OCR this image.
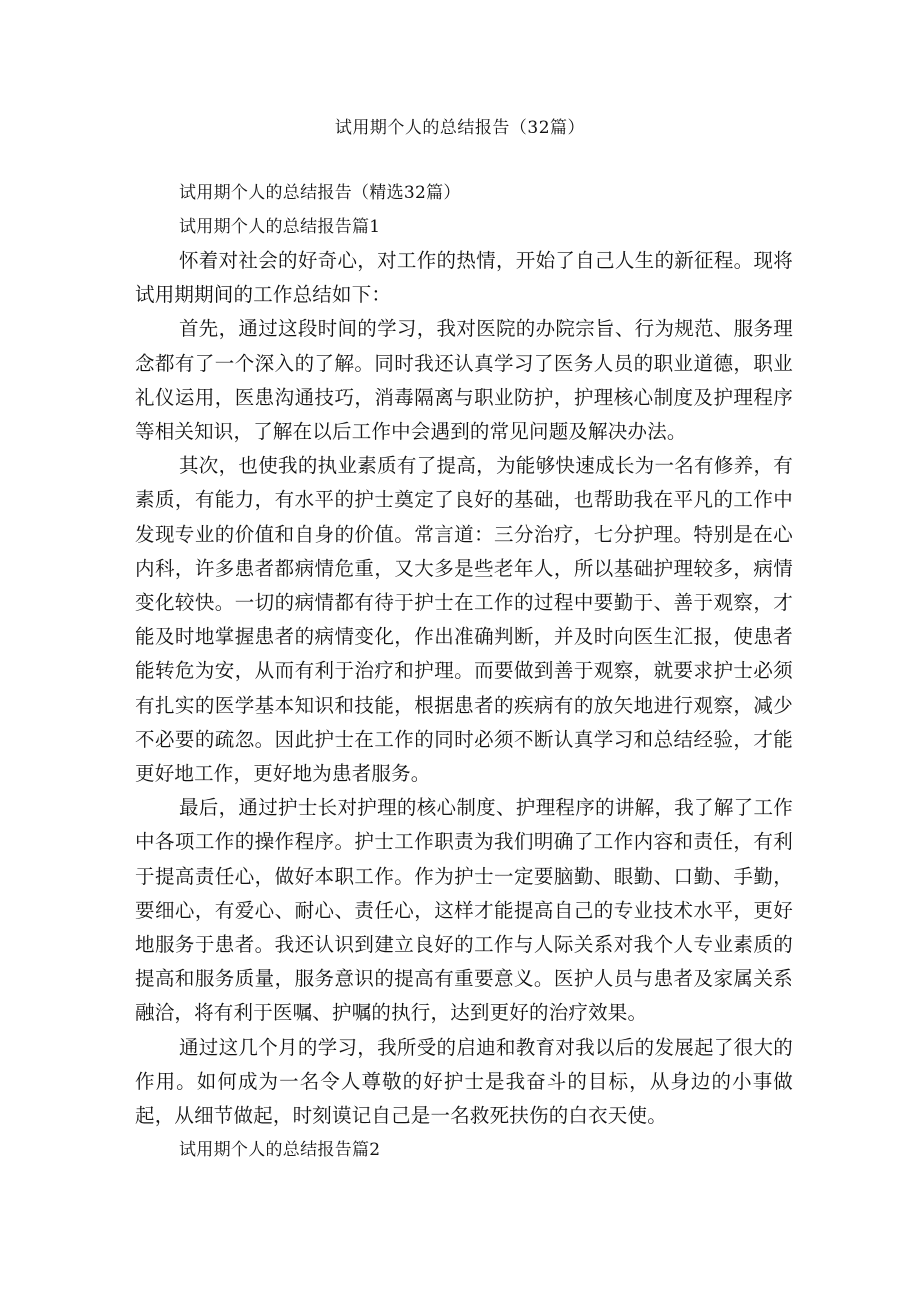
试用期个人的总结报告（32篇）

试用期个人的总结报告（精选32篇）

试用期个人的总结报告篇1

怀着对社会的好奇心，对工作的热情，开始了自己人生的新征程。现将试用期期间的工作总结如下：

首先，通过这段时间的学习，我对医院的办院宗旨、行为规范、服务理念都有了一个深入的了解。同时我还认真学习了医务人员的职业道德，职业礼仪运用，医患沟通技巧，消毒隔离与职业防护，护理核心制度及护理程序等相关知识，了解在以后工作中会遇到的常见问题及解决办法。

其次，也使我的执业素质有了提高，为能够快速成长为一名有修养，有素质，有能力，有水平的护士奠定了良好的基础，也帮助我在平凡的工作中发现专业的价值和自身的价值。常言道：三分治疗，七分护理。特别是在心内科，许多患者都病情危重，又大多是些老年人，所以基础护理较多，病情变化较快。一切的病情都有待于护士在工作的过程中要勤于、善于观察，才能及时地掌握患者的病情变化，作出准确判断，并及时向医生汇报，使患者能转危为安，从而有利于治疗和护理。而要做到善于观察，就要求护士必须有扎实的医学基本知识和技能，根据患者的疾病有的放矢地进行观察，减少不必要的疏忽。因此护士在工作的同时必须不断认真学习和总结经验，才能更好地工作，更好地为患者服务。

最后，通过护士长对护理的核心制度、护理程序的讲解，我了解了工作中各项工作的操作程序。护士工作职责为我们明确了工作内容和责任，有利于提高责任心，做好本职工作。作为护士一定要脑勤、眼勤、口勤、手勤，要细心，有爱心、耐心、责任心，这样才能提高自己的专业技术水平，更好地服务于患者。我还认识到建立良好的工作与人际关系对我个人专业素质的提高和服务质量，服务意识的提高有重要意义。医护人员与患者及家属关系融洽，将有利于医嘱、护嘱的执行，达到更好的治疗效果。

通过这几个月的学习，我所受的启迪和教育对我以后的发展起了很大的作用。如何成为一名令人尊敬的好护士是我奋斗的目标，从身边的小事做起，从细节做起，时刻谟记自己是一名救死扶伤的白衣天使。

试用期个人的总结报告篇2
